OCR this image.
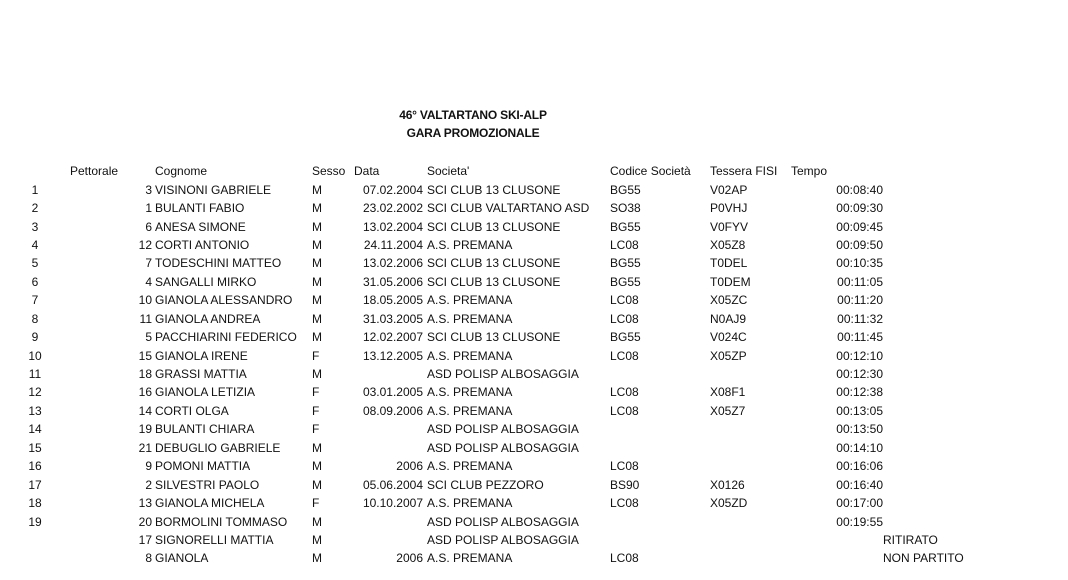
46° VALTARTANO SKI-ALP
GARA PROMOZIONALE
	Pettorale	Cognome	Sesso	Data	Societa'	Codice Società	Tessera FISI	Tempo	
1	3	VISINONI GABRIELE	M	07.02.2004	SCI CLUB 13 CLUSONE	BG55	V02AP	00:08:40	
2	1	BULANTI FABIO	M	23.02.2002	SCI CLUB VALTARTANO ASD	SO38	P0VHJ	00:09:30	
3	6	ANESA SIMONE	M	13.02.2004	SCI CLUB 13 CLUSONE	BG55	V0FYV	00:09:45	
4	12	CORTI ANTONIO	M	24.11.2004	A.S. PREMANA	LC08	X05Z8	00:09:50	
5	7	TODESCHINI MATTEO	M	13.02.2006	SCI CLUB 13 CLUSONE	BG55	T0DEL	00:10:35	
6	4	SANGALLI MIRKO	M	31.05.2006	SCI CLUB 13 CLUSONE	BG55	T0DEM	00:11:05	
7	10	GIANOLA ALESSANDRO	M	18.05.2005	A.S. PREMANA	LC08	X05ZC	00:11:20	
8	11	GIANOLA ANDREA	M	31.03.2005	A.S. PREMANA	LC08	N0AJ9	00:11:32	
9	5	PACCHIARINI FEDERICO	M	12.02.2007	SCI CLUB 13 CLUSONE	BG55	V024C	00:11:45	
10	15	GIANOLA IRENE	F	13.12.2005	A.S. PREMANA	LC08	X05ZP	00:12:10	
11	18	GRASSI MATTIA	M		ASD POLISP ALBOSAGGIA			00:12:30	
12	16	GIANOLA LETIZIA	F	03.01.2005	A.S. PREMANA	LC08	X08F1	00:12:38	
13	14	CORTI OLGA	F	08.09.2006	A.S. PREMANA	LC08	X05Z7	00:13:05	
14	19	BULANTI CHIARA	F		ASD POLISP ALBOSAGGIA			00:13:50	
15	21	DEBUGLIO GABRIELE	M		ASD POLISP ALBOSAGGIA			00:14:10	
16	9	POMONI MATTIA	M	2006	A.S. PREMANA	LC08		00:16:06	
17	2	SILVESTRI PAOLO	M	05.06.2004	SCI CLUB PEZZORO	BS90	X0126	00:16:40	
18	13	GIANOLA MICHELA	F	10.10.2007	A.S. PREMANA	LC08	X05ZD	00:17:00	
19	20	BORMOLINI TOMMASO	M		ASD POLISP ALBOSAGGIA			00:19:55	
	17	SIGNORELLI MATTIA	M		ASD POLISP ALBOSAGGIA				RITIRATO
	8	GIANOLA	M	2006	A.S. PREMANA	LC08			NON PARTITO
